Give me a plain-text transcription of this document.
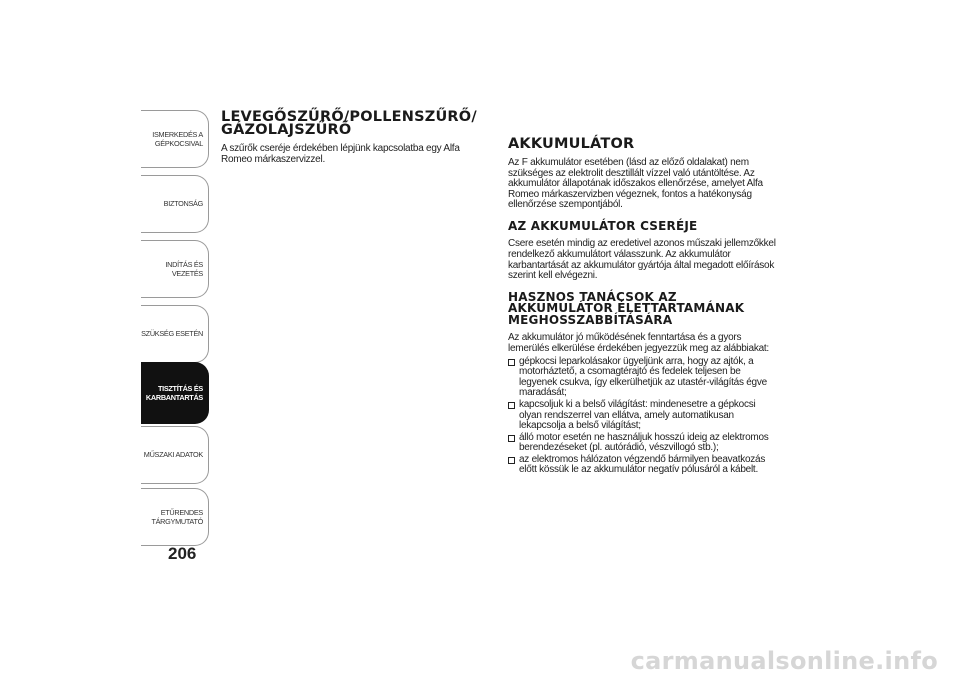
ISMERKEDÉS A
GÉPKOCSIVAL
BIZTONSÁG
INDÍTÁS ÉS VEZETÉS
SZÜKSÉG ESETÉN
TISZTÍTÁS ÉS
KARBANTARTÁS
MŰSZAKI ADATOK
ETŰRENDES
TÁRGYMUTATÓ
206
LEVEGŐSZŰRŐ/POLLENSZŰRŐ/ GÁZOLAJSZŰRŐ

A szűrők cseréje érdekében lépjünk kapcsolatba egy Alfa Romeo márkaszervizzel.

AKKUMULÁTOR

Az F akkumulátor esetében (lásd az előző oldalakat) nem szükséges az elektrolit desztillált vízzel való utántöltése. Az akkumulátor állapotának időszakos ellenőrzése, amelyet Alfa Romeo márkaszervizben végeznek, fontos a hatékonyság ellenőrzése szempontjából.

AZ AKKUMULÁTOR CSERÉJE

Csere esetén mindig az eredetivel azonos műszaki jellemzőkkel rendelkező akkumulátort válasszunk. Az akkumulátor karbantartását az akkumulátor gyártója által megadott előírások szerint kell elvégezni.

HASZNOS TANÁCSOK AZ AKKUMULÁTOR ÉLETTARTAMÁNAK MEGHOSSZABBÍTÁSÁRA

Az akkumulátor jó működésének fenntartása és a gyors lemerülés elkerülése érdekében jegyezzük meg az alábbiakat:

gépkocsi leparkolásakor ügyeljünk arra, hogy az ajtók, a motorháztető, a csomagtérajtó és fedelek teljesen be legyenek csukva, így elkerülhetjük az utastér-világítás égve maradását;
kapcsoljuk ki a belső világítást: mindenesetre a gépkocsi olyan rendszerrel van ellátva, amely automatikusan lekapcsolja a belső világítást;
álló motor esetén ne használjuk hosszú ideig az elektromos berendezéseket (pl. autórádió, vészvillogó stb.);
az elektromos hálózaton végzendő bármilyen beavatkozás előtt kössük le az akkumulátor negatív pólusáról a kábelt.
carmanualsonline.info
